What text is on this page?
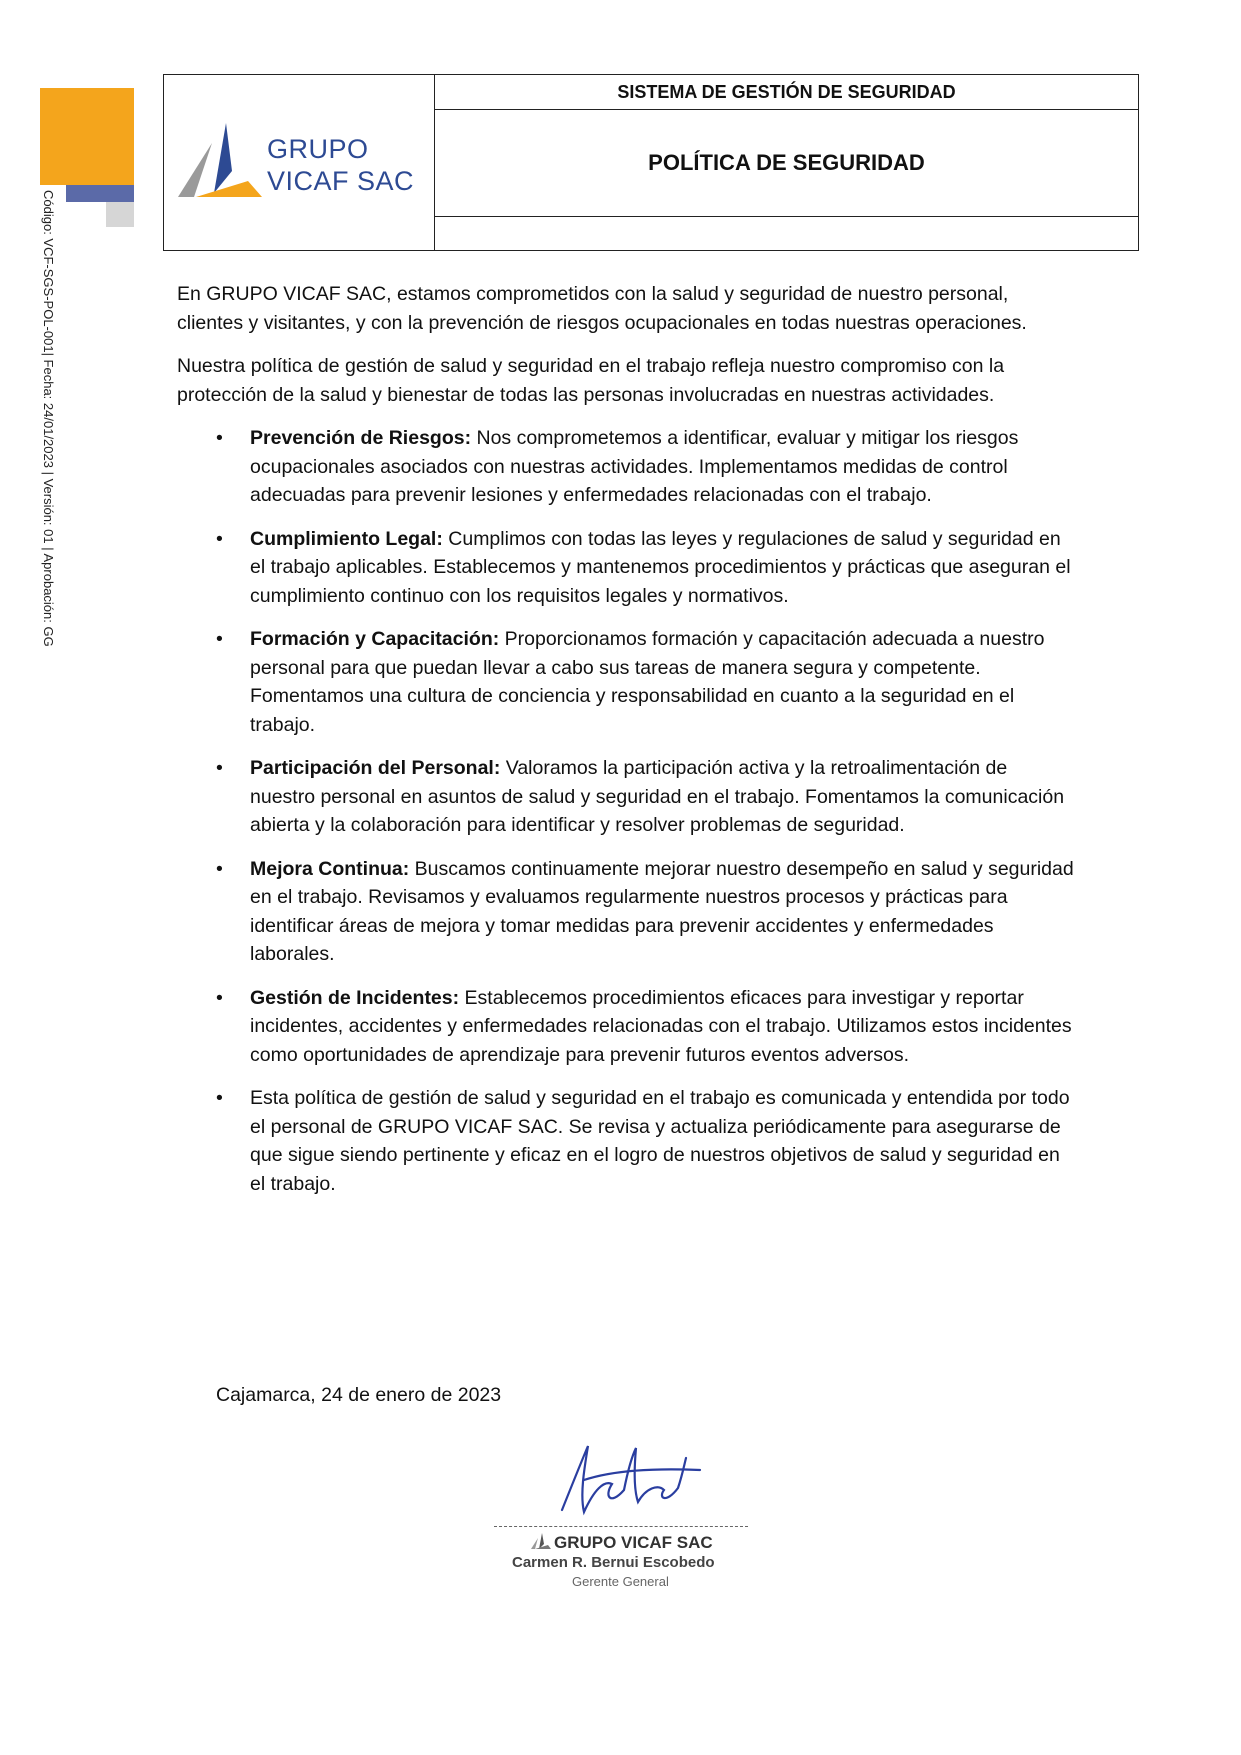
Código: VCF-SGS-POL-001| Fecha: 24/01/2023 | Versión: 01 | Aprobación: GG
GRUPO
VICAF SAC
SISTEMA DE GESTIÓN DE SEGURIDAD
POLÍTICA DE SEGURIDAD

En GRUPO VICAF SAC, estamos comprometidos con la salud y seguridad de nuestro personal, clientes y visitantes, y con la prevención de riesgos ocupacionales en todas nuestras operaciones.

Nuestra política de gestión de salud y seguridad en el trabajo refleja nuestro compromiso con la protección de la salud y bienestar de todas las personas involucradas en nuestras actividades.

• Prevención de Riesgos: Nos comprometemos a identificar, evaluar y mitigar los riesgos ocupacionales asociados con nuestras actividades. Implementamos medidas de control adecuadas para prevenir lesiones y enfermedades relacionadas con el trabajo.
• Cumplimiento Legal: Cumplimos con todas las leyes y regulaciones de salud y seguridad en el trabajo aplicables. Establecemos y mantenemos procedimientos y prácticas que aseguran el cumplimiento continuo con los requisitos legales y normativos.
• Formación y Capacitación: Proporcionamos formación y capacitación adecuada a nuestro personal para que puedan llevar a cabo sus tareas de manera segura y competente. Fomentamos una cultura de conciencia y responsabilidad en cuanto a la seguridad en el trabajo.
• Participación del Personal: Valoramos la participación activa y la retroalimentación de nuestro personal en asuntos de salud y seguridad en el trabajo. Fomentamos la comunicación abierta y la colaboración para identificar y resolver problemas de seguridad.
• Mejora Continua: Buscamos continuamente mejorar nuestro desempeño en salud y seguridad en el trabajo. Revisamos y evaluamos regularmente nuestros procesos y prácticas para identificar áreas de mejora y tomar medidas para prevenir accidentes y enfermedades laborales.
• Gestión de Incidentes: Establecemos procedimientos eficaces para investigar y reportar incidentes, accidentes y enfermedades relacionadas con el trabajo. Utilizamos estos incidentes como oportunidades de aprendizaje para prevenir futuros eventos adversos.
• Esta política de gestión de salud y seguridad en el trabajo es comunicada y entendida por todo el personal de GRUPO VICAF SAC. Se revisa y actualiza periódicamente para asegurarse de que sigue siendo pertinente y eficaz en el logro de nuestros objetivos de salud y seguridad en el trabajo.
Cajamarca, 24 de enero de 2023
GRUPO VICAF SAC
Carmen R. Bernui Escobedo
Gerente General
